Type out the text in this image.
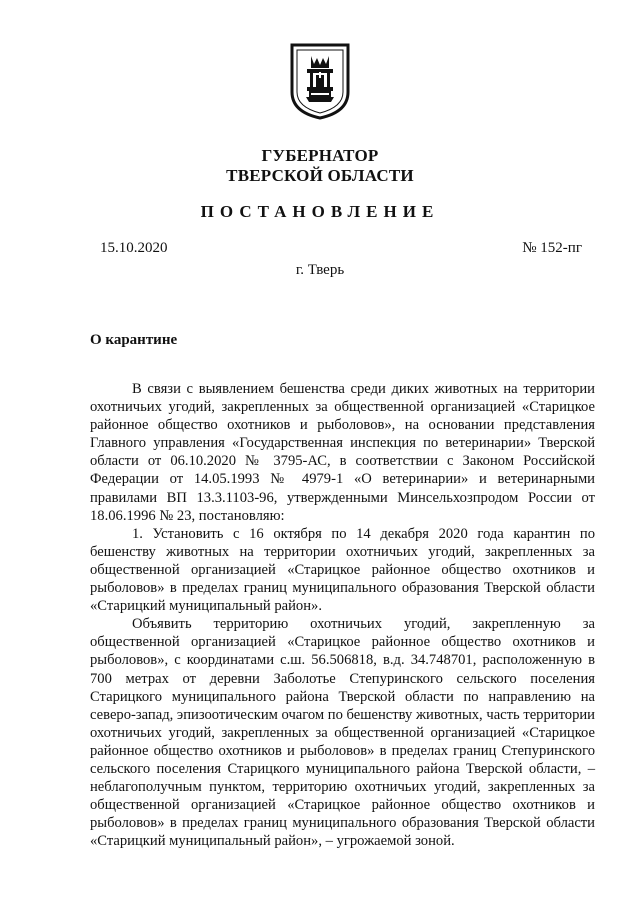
ГУБЕРНАТОР
ТВЕРСКОЙ ОБЛАСТИ
ПОСТАНОВЛЕНИЕ
15.10.2020	№ 152-пг
г. Тверь
О карантине

В связи с выявлением бешенства среди диких животных на территории охотничьих угодий, закрепленных за общественной организацией «Старицкое районное общество охотников и рыболовов», на основании представления Главного управления «Государственная инспекция по ветеринарии» Тверской области от 06.10.2020 № 3795-АС, в соответствии с Законом Российской Федерации от 14.05.1993 № 4979-1 «О ветеринарии» и ветеринарными правилами ВП 13.3.1103-96, утвержденными Минсельхозпродом России от 18.06.1996 № 23, постановляю:

1. Установить с 16 октября по 14 декабря 2020 года карантин по бешенству животных на территории охотничьих угодий, закрепленных за общественной организацией «Старицкое районное общество охотников и рыболовов» в пределах границ муниципального образования Тверской области «Старицкий муниципальный район».

Объявить территорию охотничьих угодий, закрепленную за общественной организацией «Старицкое районное общество охотников и рыболовов», с координатами с.ш. 56.506818, в.д. 34.748701, расположенную в 700 метрах от деревни Заболотье Степуринского сельского поселения Старицкого муниципального района Тверской области по направлению на северо-запад, эпизоотическим очагом по бешенству животных, часть территории охотничьих угодий, закрепленных за общественной организацией «Старицкое районное общество охотников и рыболовов» в пределах границ Степуринского сельского поселения Старицкого муниципального района Тверской области, – неблагополучным пунктом, территорию охотничьих угодий, закрепленных за общественной организацией «Старицкое районное общество охотников и рыболовов» в пределах границ муниципального образования Тверской области «Старицкий муниципальный район», – угрожаемой зоной.
